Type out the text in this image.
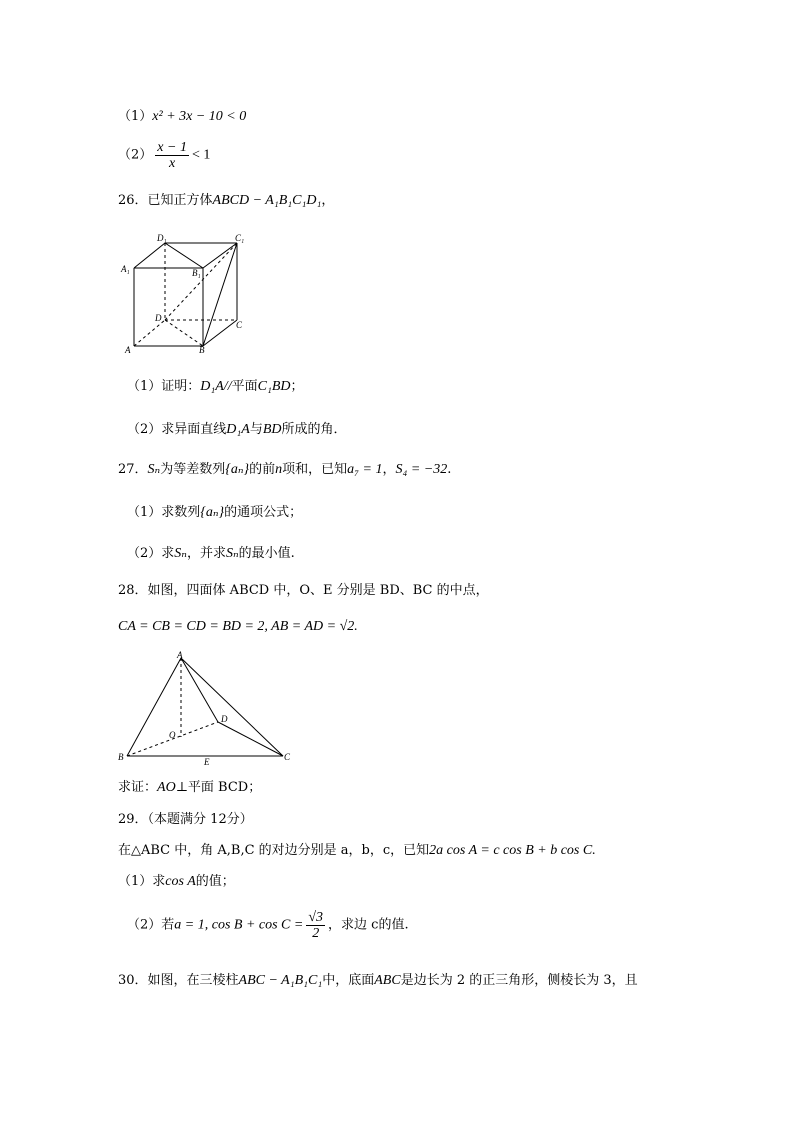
（1）x² + 3x − 10 < 0
$(2) \frac{x - 1}{x} < 1$
26．已知正方体ABCD − A₁B₁C₁D₁，
D₁	C₁
A₁	B₁
D
C
A	B
（1）证明：D₁A//平面C₁BD；
（2）求异面直线D₁A与BD所成的角．
27．Sₙ为等差数列{aₙ}的前n项和，已知a₇ = 1，S₄ = −32.
（1）求数列{aₙ}的通项公式；
（2）求Sₙ，并求Sₙ的最小值.
28．如图，四面体 ABCD 中，O、E 分别是 BD、BC 的中点，
CA = CB = CD = BD = 2, AB = AD = √2.
A
B	C
D
O
E
求证：AO⊥平面 BCD；
29．（本题满分 12分）
在△ABC 中，角 A,B,C 的对边分别是 a，b，c，已知2a cos A = c cos B + b cos C.
（1）求cos A的值；
（2）若a = 1, $\cos B + \cos C = \frac{√3}{2}$ ，求边 c的值.
30．如图，在三棱柱ABC − A₁B₁C₁中，底面ABC是边长为 2 的正三角形，侧棱长为 3，且
